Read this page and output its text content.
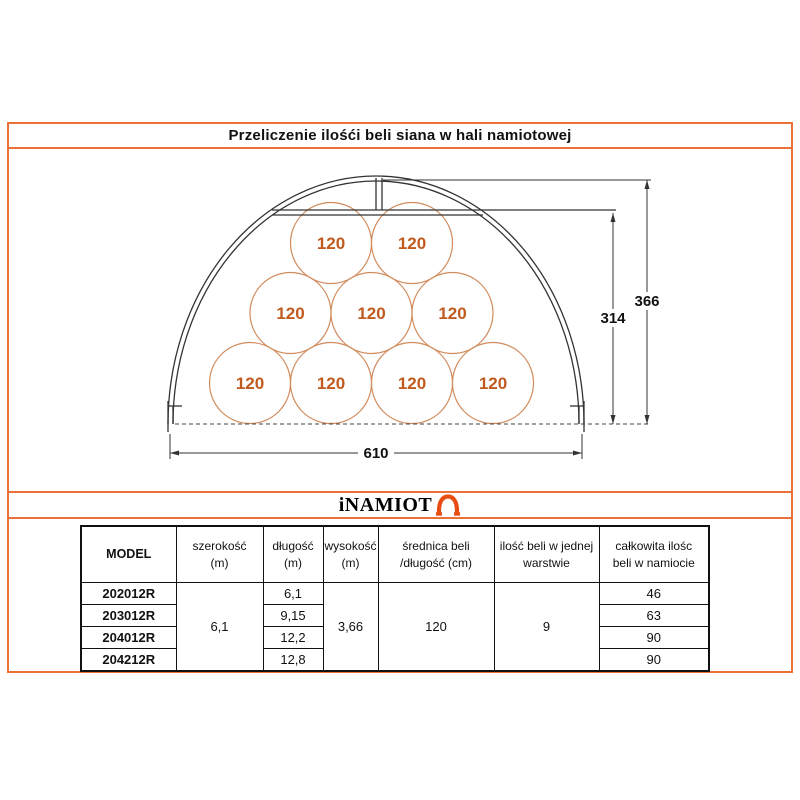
Przeliczenie ilośći beli siana w hali namiotowej
120	120
120	120	120
120	120	120	120
314
366
610
iNAMIOT
MODEL	
szerokość
(m)

długość
(m)

wysokość
(m)

średnica beli
/długość (cm)

ilość beli w jednej
warstwie

całkowita ilośc
beli w namiocie

202012R	6,1	6,1	3,66	120	9	46
203012R		9,15				63
204012R		12,2				90
204212R		12,8				90
